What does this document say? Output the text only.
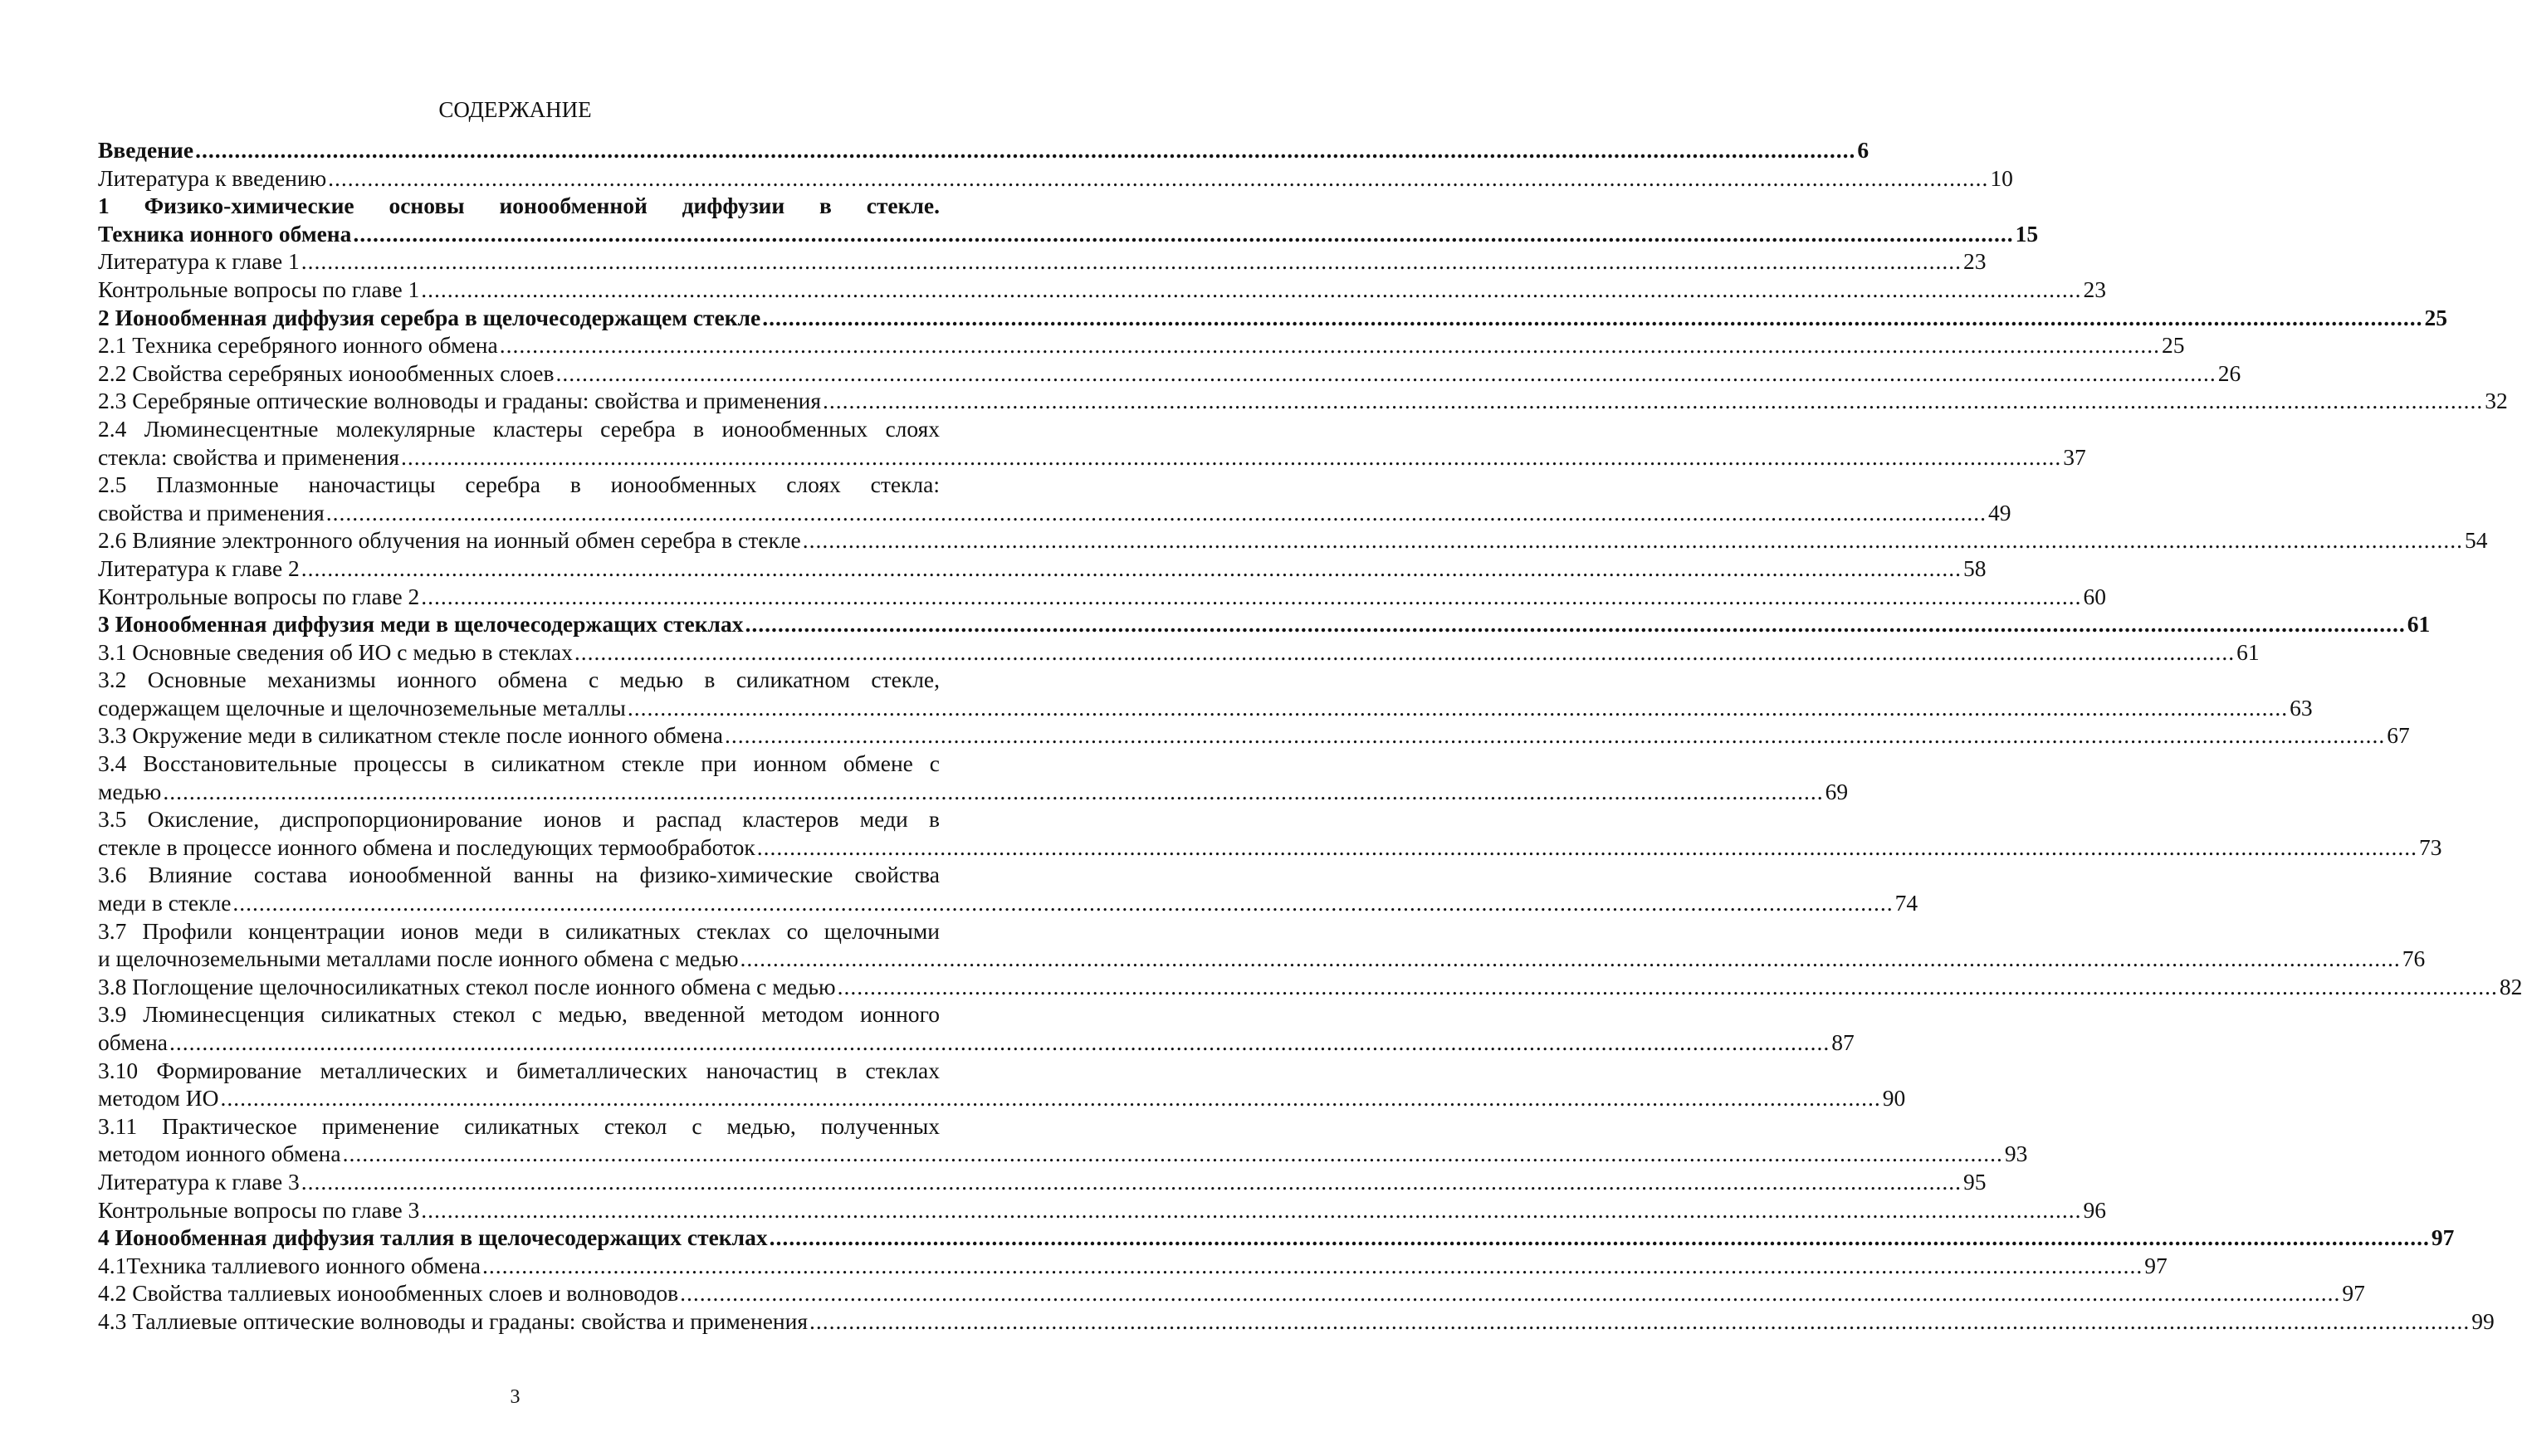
СОДЕРЖАНИЕ
Введение .....	6
Литература к введению .....	10
1 Физико-химические основы ионообменной диффузии в стекле.
Техника ионного обмена .....	15
Литература к главе 1 .....	23
Контрольные вопросы по главе 1 .....	23
2 Ионообменная диффузия серебра в щелочесодержащем стекле .....	25
2.1 Техника серебряного ионного обмена .....	25
2.2 Свойства серебряных ионообменных слоев .....	26
2.3 Серебряные оптические волноводы и граданы: свойства и применения .....	32
2.4 Люминесцентные молекулярные кластеры серебра в ионообменных слоях
стекла: свойства и применения .....	37
2.5 Плазмонные наночастицы серебра в ионообменных слоях стекла:
свойства и применения .....	49
2.6 Влияние электронного облучения на ионный обмен серебра в стекле .....	54
Литература к главе 2 .....	58
Контрольные вопросы по главе 2 .....	60
3 Ионообменная диффузия меди в щелочесодержащих стеклах .....	61
3.1 Основные сведения об ИО с медью в стеклах .....	61
3.2 Основные механизмы ионного обмена с медью в силикатном стекле,
содержащем щелочные и щелочноземельные металлы .....	63
3.3 Окружение меди в силикатном стекле после ионного обмена .....	67
3.4 Восстановительные процессы в силикатном стекле при ионном обмене с
медью .....	69
3.5 Окисление, диспропорционирование ионов и распад кластеров меди в
стекле в процессе ионного обмена и последующих термообработок .....	73
3.6 Влияние состава ионообменной ванны на физико-химические свойства
меди в стекле .....	74
3.7 Профили концентрации ионов меди в силикатных стеклах со щелочными
и щелочноземельными металлами после ионного обмена с медью .....	76
3.8 Поглощение щелочносиликатных стекол после ионного обмена с медью .....	82
3.9 Люминесценция силикатных стекол с медью, введенной методом ионного
обмена .....	87
3.10 Формирование металлических и биметаллических наночастиц в стеклах
методом ИО .....	90
3.11 Практическое применение силикатных стекол с медью, полученных
методом ионного обмена .....	93
Литература к главе 3 .....	95
Контрольные вопросы по главе 3 .....	96
4 Ионообменная диффузия таллия в щелочесодержащих стеклах .....	97
4.1Техника таллиевого ионного обмена .....	97
4.2 Свойства таллиевых ионообменных слоев и волноводов .....	97
4.3 Таллиевые оптические волноводы и граданы: свойства и применения .....	99
3
